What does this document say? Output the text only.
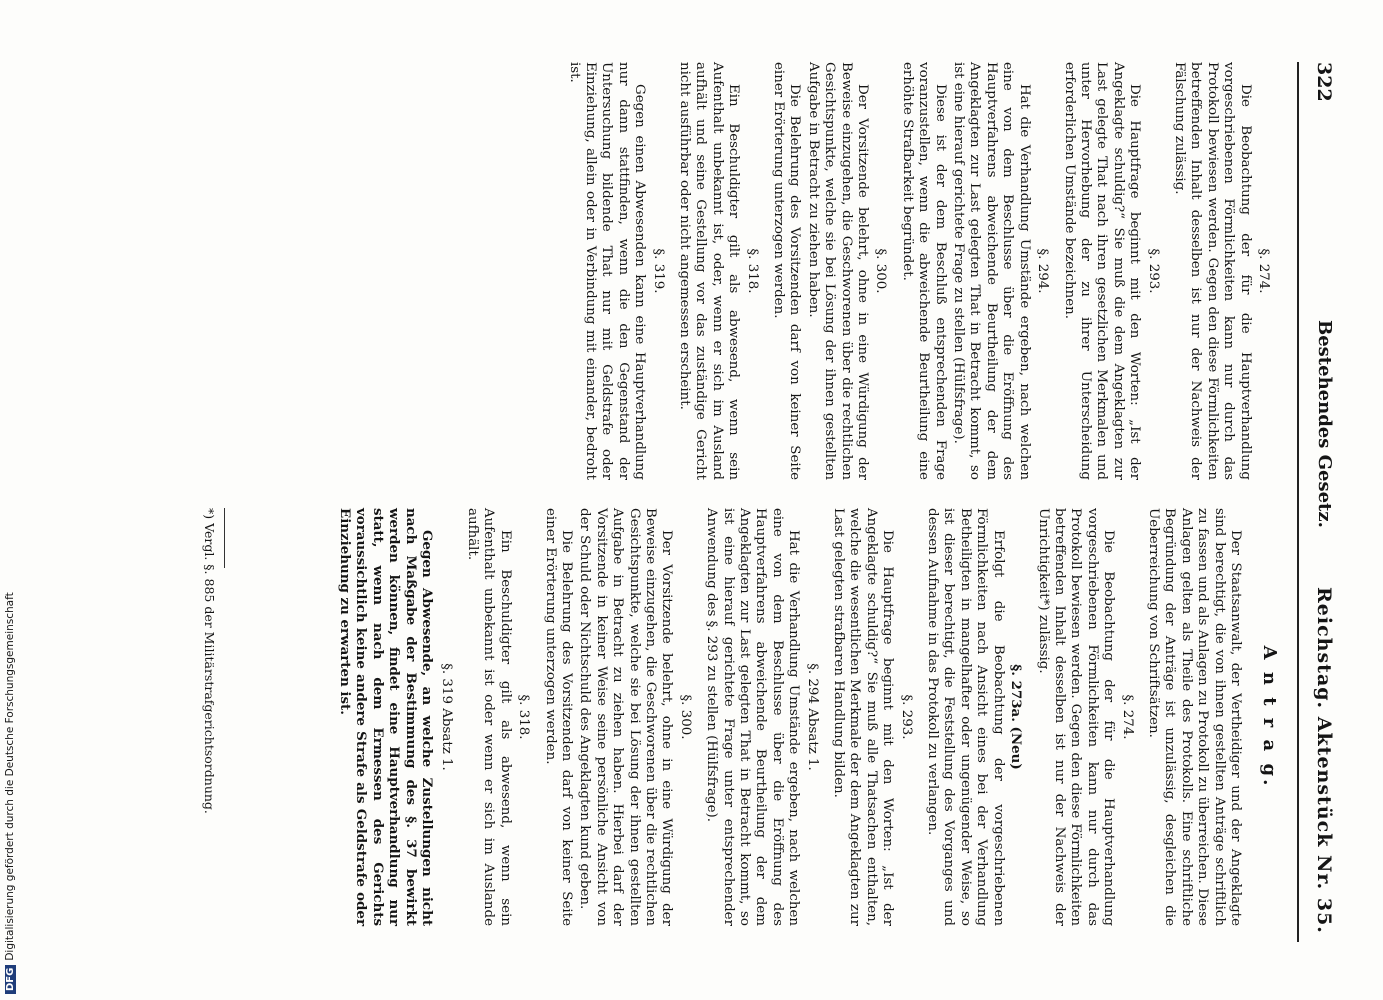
322
Bestehendes Gesetz.
Reichstag. Aktenstück Nr. 35.
§. 274.

Die Beobachtung der für die Hauptverhandlung vorgeschriebenen Förmlichkeiten kann nur durch das Protokoll bewiesen werden. Gegen den diese Förmlichkeiten betreffenden Inhalt desselben ist nur der Nachweis der Fälschung zulässig.

§. 293.

Die Hauptfrage beginnt mit den Worten: „Ist der Angeklagte schuldig?“ Sie muß die dem Angeklagten zur Last gelegte That nach ihren gesetzlichen Merkmalen und unter Hervorhebung der zu ihrer Unterscheidung erforderlichen Umstände bezeichnen.

§. 294.

Hat die Verhandlung Umstände ergeben, nach welchen eine von dem Beschlusse über die Eröffnung des Hauptverfahrens abweichende Beurtheilung der dem Angeklagten zur Last gelegten That in Betracht kommt, so ist eine hierauf gerichtete Frage zu stellen (Hülfsfrage).

Diese ist der dem Beschluß entsprechenden Frage voranzustellen, wenn die abweichende Beurtheilung eine erhöhte Strafbarkeit begründet.

§. 300.

Der Vorsitzende belehrt, ohne in eine Würdigung der Beweise einzugehen, die Geschworenen über die rechtlichen Gesichtspunkte, welche sie bei Lösung der ihnen gestellten Aufgabe in Betracht zu ziehen haben.

Die Belehrung des Vorsitzenden darf von keiner Seite einer Erörterung unterzogen werden.

§. 318.

Ein Beschuldigter gilt als abwesend, wenn sein Aufenthalt unbekannt ist, oder, wenn er sich im Ausland aufhält und seine Gestellung vor das zuständige Gericht nicht ausführbar oder nicht angemessen erscheint.

§. 319.

Gegen einen Abwesenden kann eine Hauptverhandlung nur dann stattfinden, wenn die den Gegenstand der Untersuchung bildende That nur mit Geldstrafe oder Einziehung, allein oder in Verbindung mit einander, bedroht ist.

A n t r a g.

Der Staatsanwalt, der Vertheidiger und der Angeklagte sind berechtigt, die von ihnen gestellten Anträge schriftlich zu fassen und als Anlagen zu Protokoll zu überreichen. Diese Anlagen gelten als Theile des Protokolls. Eine schriftliche Begründung der Anträge ist unzulässig, desgleichen die Ueberreichung von Schriftsätzen.

§. 274.

Die Beobachtung der für die Hauptverhandlung vorgeschriebenen Förmlichkeiten kann nur durch das Protokoll bewiesen werden. Gegen den diese Förmlichkeiten betreffenden Inhalt desselben ist nur der Nachweis der Unrichtigkeit*) zulässig.

§. 273a. (Neu)

Erfolgt die Beobachtung der vorgeschriebenen Förmlichkeiten nach Ansicht eines bei der Verhandlung Betheiligten in mangelhafter oder ungenügender Weise, so ist dieser berechtigt, die Feststellung des Vorganges und dessen Aufnahme in das Protokoll zu verlangen.

§. 293.

Die Hauptfrage beginnt mit den Worten: „Ist der Angeklagte schuldig?“ Sie muß alle Thatsachen enthalten, welche die wesentlichen Merkmale der dem Angeklagten zur Last gelegten strafbaren Handlung bilden.

§. 294 Absatz 1.

Hat die Verhandlung Umstände ergeben, nach welchen eine von dem Beschlusse über die Eröffnung des Hauptverfahrens abweichende Beurtheilung der dem Angeklagten zur Last gelegten That in Betracht kommt, so ist eine hierauf gerichtete Frage unter entsprechender Anwendung des §. 293 zu stellen (Hülfsfrage).

§. 300.

Der Vorsitzende belehrt, ohne in eine Würdigung der Beweise einzugehen, die Geschworenen über die rechtlichen Gesichtspunkte, welche sie bei Lösung der ihnen gestellten Aufgabe in Betracht zu ziehen haben. Hierbei darf der Vorsitzende in keiner Weise seine persönliche Ansicht von der Schuld oder Nichtschuld des Angeklagten kund geben.

Die Belehrung des Vorsitzenden darf von keiner Seite einer Erörterung unterzogen werden.

§. 318.

Ein Beschuldigter gilt als abwesend, wenn sein Aufenthalt unbekannt ist oder wenn er sich im Auslande aufhält.

§. 319 Absatz 1.

Gegen Abwesende, an welche Zustellungen nicht nach Maßgabe der Bestimmung des §. 37 bewirkt werden können, findet eine Hauptverhandlung nur statt, wenn nach dem Ermessen des Gerichts voraussichtlich keine andere Strafe als Geldstrafe oder Einziehung zu erwarten ist.

*) Vergl. §. 885 der Militärstrafgerichtsordnung.
DFGDigitalisierung gefördert durch die Deutsche Forschungsgemeinschaft
